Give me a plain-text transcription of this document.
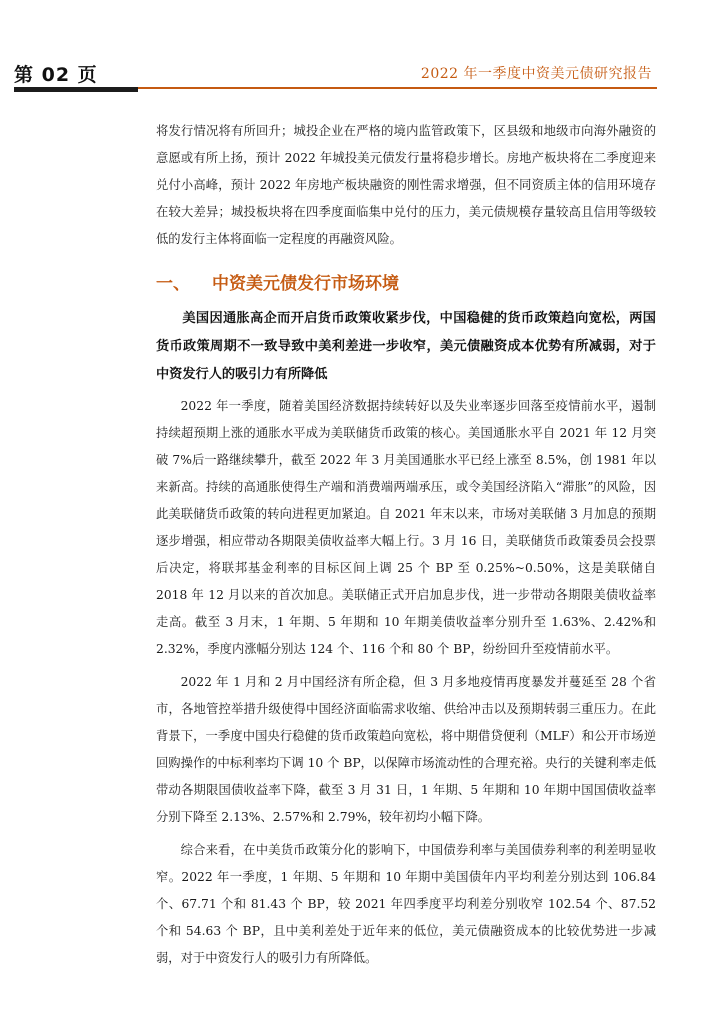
第 02 页	2022 年一季度中资美元债研究报告

将发行情况将有所回升；城投企业在严格的境内监管政策下，区县级和地级市向海外融资的意愿或有所上扬，预计 2022 年城投美元债发行量将稳步增长。房地产板块将在二季度迎来兑付小高峰，预计 2022 年房地产板块融资的刚性需求增强，但不同资质主体的信用环境存在较大差异；城投板块将在四季度面临集中兑付的压力，美元债规模存量较高且信用等级较低的发行主体将面临一定程度的再融资风险。

一、 中资美元债发行市场环境

美国因通胀高企而开启货币政策收紧步伐，中国稳健的货币政策趋向宽松，两国货币政策周期不一致导致中美利差进一步收窄，美元债融资成本优势有所减弱，对于中资发行人的吸引力有所降低

2022 年一季度，随着美国经济数据持续转好以及失业率逐步回落至疫情前水平，遏制持续超预期上涨的通胀水平成为美联储货币政策的核心。美国通胀水平自 2021 年 12 月突破 7%后一路继续攀升，截至 2022 年 3 月美国通胀水平已经上涨至 8.5%，创 1981 年以来新高。持续的高通胀使得生产端和消费端两端承压，或令美国经济陷入“滞胀”的风险，因此美联储货币政策的转向进程更加紧迫。自 2021 年末以来，市场对美联储 3 月加息的预期逐步增强，相应带动各期限美债收益率大幅上行。3 月 16 日，美联储货币政策委员会投票后决定，将联邦基金利率的目标区间上调 25 个 BP 至 0.25%~0.50%，这是美联储自 2018 年 12 月以来的首次加息。美联储正式开启加息步伐，进一步带动各期限美债收益率走高。截至 3 月末，1 年期、5 年期和 10 年期美债收益率分别升至 1.63%、2.42%和 2.32%，季度内涨幅分别达 124 个、116 个和 80 个 BP，纷纷回升至疫情前水平。

2022 年 1 月和 2 月中国经济有所企稳，但 3 月多地疫情再度暴发并蔓延至 28 个省市，各地管控举措升级使得中国经济面临需求收缩、供给冲击以及预期转弱三重压力。在此背景下，一季度中国央行稳健的货币政策趋向宽松，将中期借贷便利（MLF）和公开市场逆回购操作的中标利率均下调 10 个 BP，以保障市场流动性的合理充裕。央行的关键利率走低带动各期限国债收益率下降，截至 3 月 31 日，1 年期、5 年期和 10 年期中国国债收益率分别下降至 2.13%、2.57%和 2.79%，较年初均小幅下降。

综合来看，在中美货币政策分化的影响下，中国债券利率与美国债券利率的利差明显收窄。2022 年一季度，1 年期、5 年期和 10 年期中美国债年内平均利差分别达到 106.84 个、67.71 个和 81.43 个 BP，较 2021 年四季度平均利差分别收窄 102.54 个、87.52 个和 54.63 个 BP，且中美利差处于近年来的低位，美元债融资成本的比较优势进一步减弱，对于中资发行人的吸引力有所降低。
